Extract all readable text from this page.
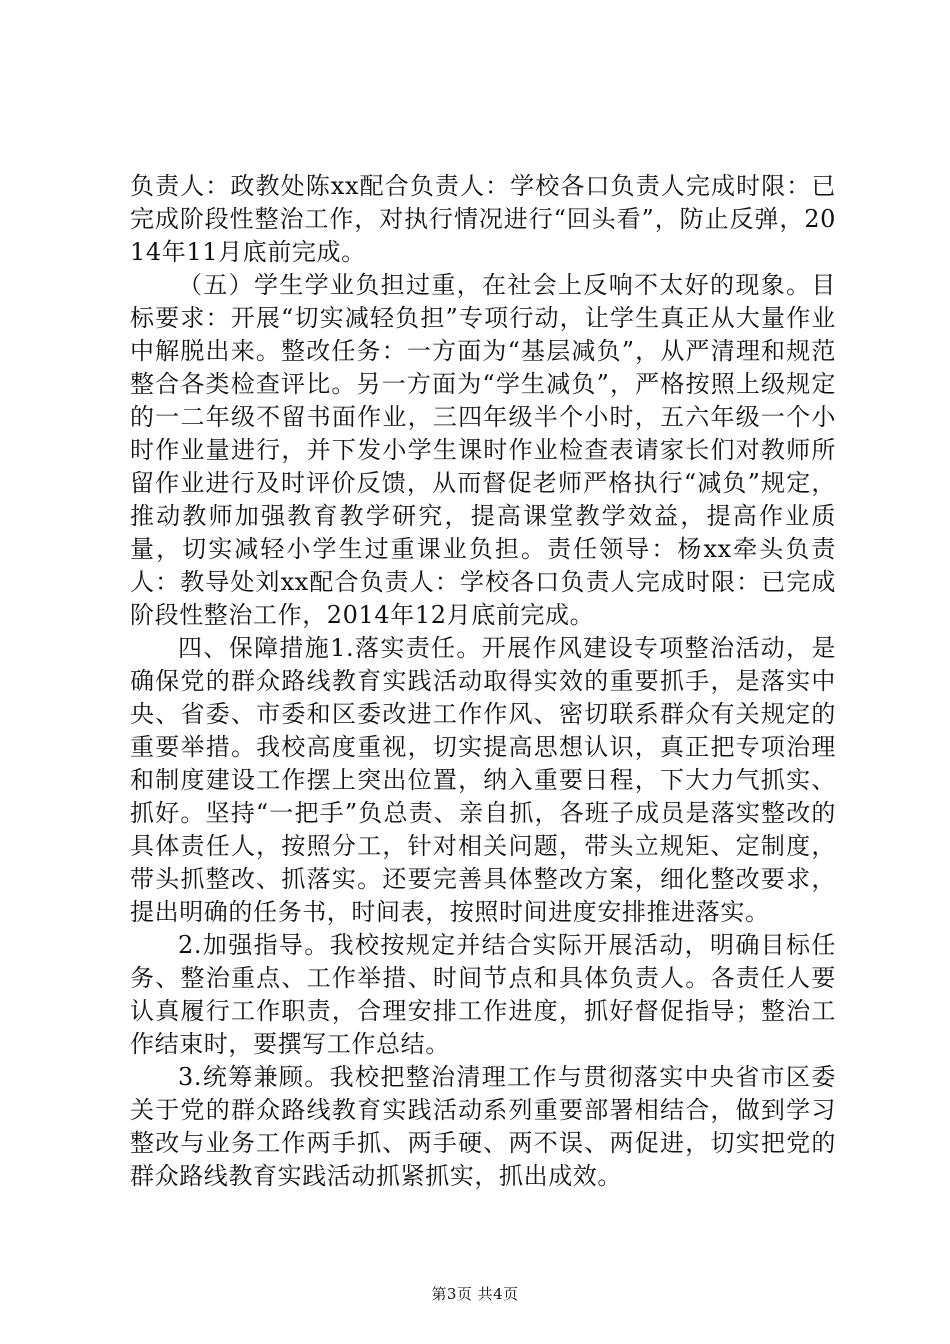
负责人：政教处陈xx配合负责人：学校各口负责人完成时限：已完成阶段性整治工作，对执行情况进行“回头看”，防止反弹，2014年11月底前完成。

（五）学生学业负担过重，在社会上反响不太好的现象。目标要求：开展“切实减轻负担”专项行动，让学生真正从大量作业中解脱出来。整改任务：一方面为“基层减负”，从严清理和规范整合各类检查评比。另一方面为“学生减负”，严格按照上级规定的一二年级不留书面作业，三四年级半个小时，五六年级一个小时作业量进行，并下发小学生课时作业检查表请家长们对教师所留作业进行及时评价反馈，从而督促老师严格执行“减负”规定，推动教师加强教育教学研究，提高课堂教学效益，提高作业质量，切实减轻小学生过重课业负担。责任领导：杨xx牵头负责人：教导处刘xx配合负责人：学校各口负责人完成时限：已完成阶段性整治工作，2014年12月底前完成。

四、保障措施1.落实责任。开展作风建设专项整治活动，是确保党的群众路线教育实践活动取得实效的重要抓手，是落实中央、省委、市委和区委改进工作作风、密切联系群众有关规定的重要举措。我校高度重视，切实提高思想认识，真正把专项治理和制度建设工作摆上突出位置，纳入重要日程，下大力气抓实、抓好。坚持“一把手”负总责、亲自抓，各班子成员是落实整改的具体责任人，按照分工，针对相关问题，带头立规矩、定制度，带头抓整改、抓落实。还要完善具体整改方案，细化整改要求，提出明确的任务书，时间表，按照时间进度安排推进落实。

2.加强指导。我校按规定并结合实际开展活动，明确目标任务、整治重点、工作举措、时间节点和具体负责人。各责任人要认真履行工作职责，合理安排工作进度，抓好督促指导；整治工作结束时，要撰写工作总结。

3.统筹兼顾。我校把整治清理工作与贯彻落实中央省市区委关于党的群众路线教育实践活动系列重要部署相结合，做到学习整改与业务工作两手抓、两手硬、两不误、两促进，切实把党的群众路线教育实践活动抓紧抓实，抓出成效。

第3页 共4页
